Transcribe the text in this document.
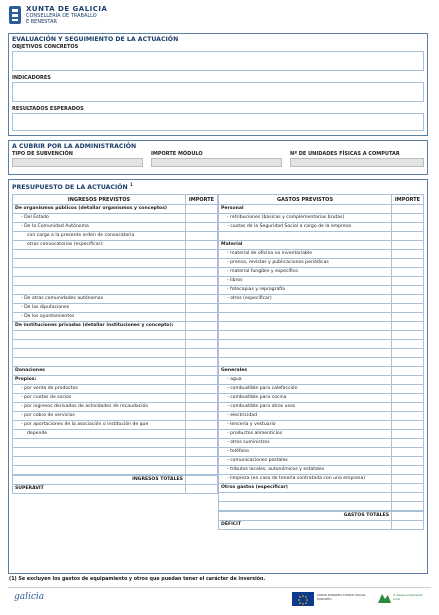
XUNTA DE GALICIA
CONSELLERÍA DE TRABALLO
E BENESTAR
EVALUACIÓN Y SEGUIMIENTO DE LA ACTUACIÓN
OBJETIVOS CONCRETOS
INDICADORES
RESULTADOS ESPERADOS
A CUBRIR POR LA ADMINISTRACIÓN
TIPO DE SUBVENCIÓN	IMPORTE MÓDULO	Nº DE UNIDADES FÍSICAS A COMPUTAR
PRESUPUESTO DE LA ACTUACIÓN $^1$
INGRESOS PREVISTOS	IMPORTE
De organismos públicos (detallar organismos y conceptos)	
- Del Estado	
- De la Comunidad Autónoma	
con cargo a la presente orden de convocatoria	
otras convocatorias (especificar):	

- De otras comunidades autónomas	
- De las diputaciones	
- De los ayuntamientos	
De instituciones privadas (detallar instituciones y concepto):	

Donaciones	
Propios:	
- por venta de productos	
- por cuotas de socios	
- por ingresos derivados de actividades de recaudación	
- por cobro de servicios	
- por aportaciones de la asociación o institución de que	
depende	

INGRESOS TOTALES	
SUPERÁVIT	
GASTOS PREVISTOS	IMPORTE
Personal	
- retribuciones (básicas y complementarias brutas)	
- cuotas de la Seguridad Social a cargo de la empresa	

Material	
- material de oficina no inventariable	
- prensa, revistas y publicaciones periódicas	
- material fungible y específico	
- libros	
- fotocopias y reprografía	
- otros (especificar)	

Generales	
- agua	
- combustible para calefacción	
- combustible para cocina	
- combustible para otros usos	
- electricidad	
- lencería y vestuario	
- productos alimenticios	
- otros suministros	
- teléfono	
- comunicaciones postales	
- tributos locales, autonómicos y estatales	
- limpieza (en caso de tenerla contratada con una empresa)	
Otros gastos (especificar)	

GASTOS TOTALES	
DÉFICIT	
(1) Se excluyen los gastos de equipamiento y otros que puedan tener el carácter de inversión.
galicia	UNIÓN EUROPEA FONDO SOCIAL EUROPEO
O desenvolvemento rural
